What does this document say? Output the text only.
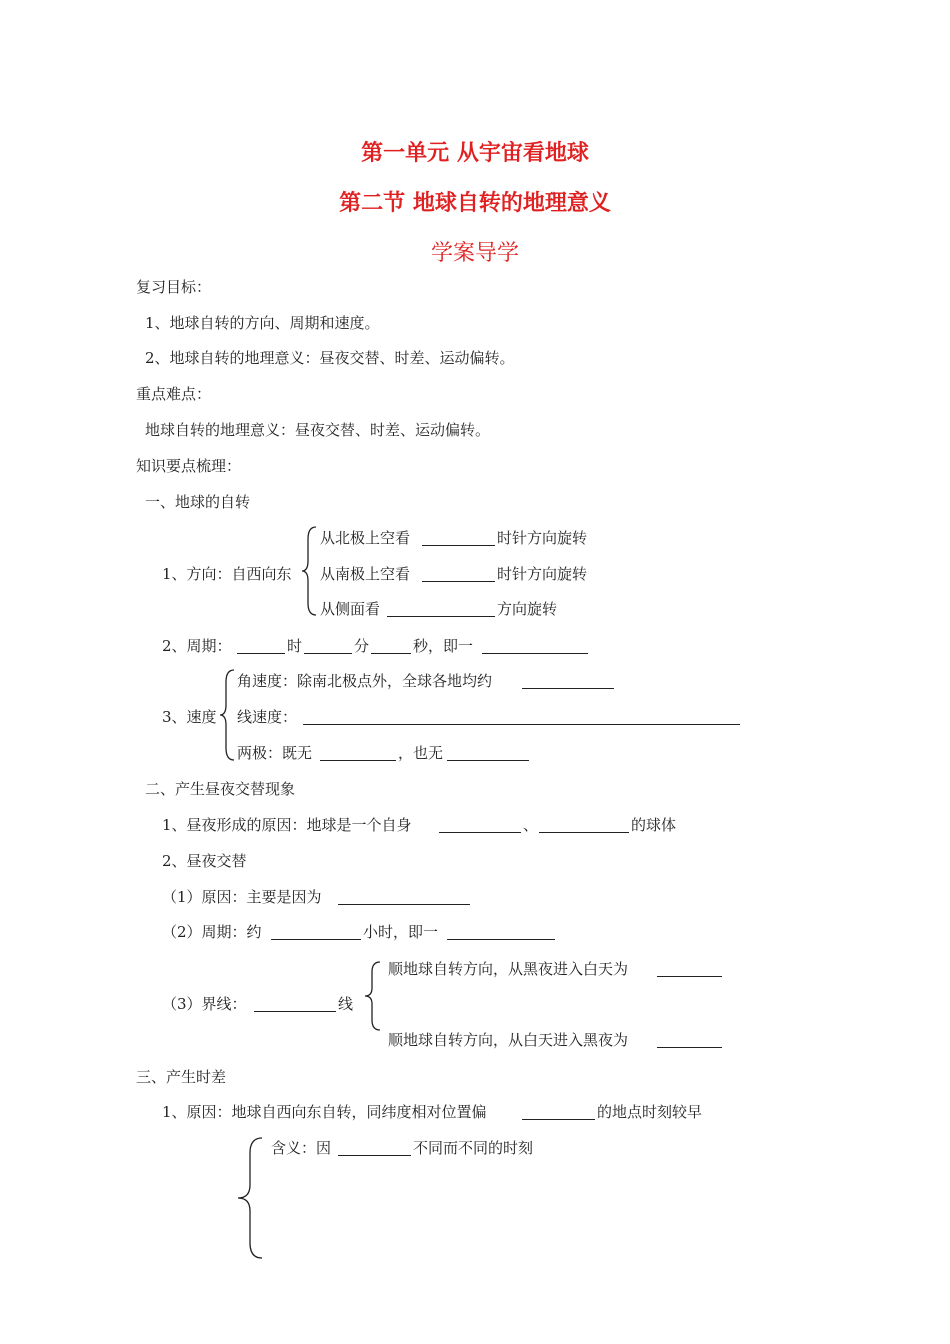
第一单元 从宇宙看地球
第二节 地球自转的地理意义
学案导学
复习目标：
1、地球自转的方向、周期和速度。
2、地球自转的地理意义：昼夜交替、时差、运动偏转。
重点难点：
地球自转的地理意义：昼夜交替、时差、运动偏转。
知识要点梳理：
一、地球的自转
1、方向：自西向东
从北极上空看	时针方向旋转
从南极上空看	时针方向旋转
从侧面看	方向旋转
2、周期：	时	分	秒，即一
3、速度
角速度：除南北极点外，全球各地均约
线速度：
两极：既无	，也无
二、产生昼夜交替现象
1、昼夜形成的原因：地球是一个自身	、	的球体
2、昼夜交替
（1）原因：主要是因为
（2）周期：约	小时，即一
（3）界线：	线
顺地球自转方向，从黑夜进入白天为
顺地球自转方向，从白天进入黑夜为
三、产生时差
1、原因：地球自西向东自转，同纬度相对位置偏	的地点时刻较早
含义：因	不同而不同的时刻
